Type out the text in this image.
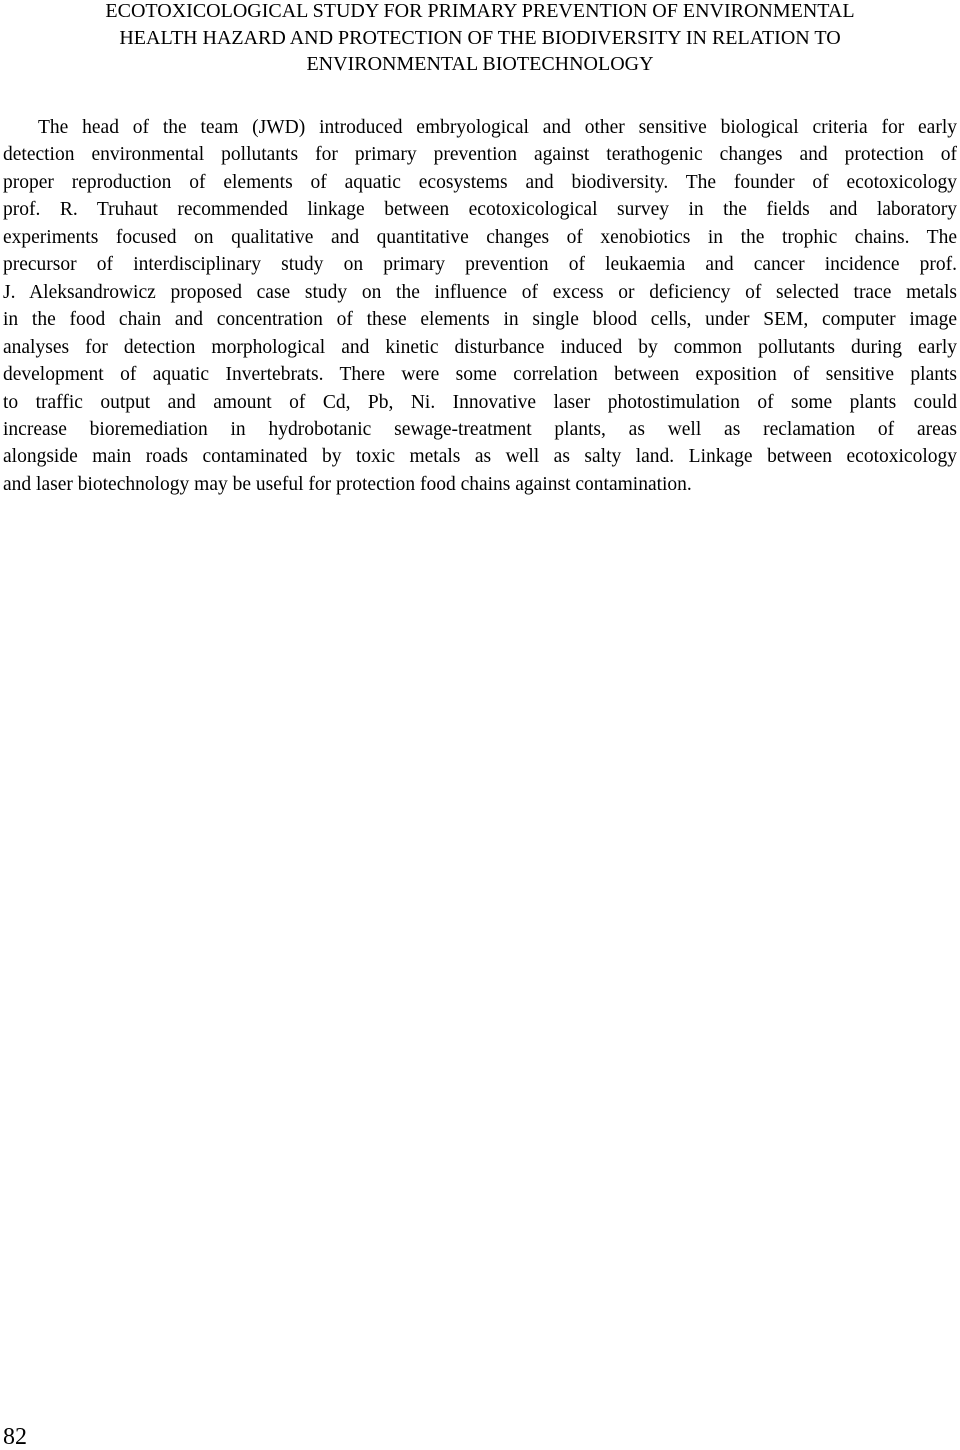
ECOTOXICOLOGICAL STUDY FOR PRIMARY PREVENTION OF ENVIRONMENTAL
HEALTH HAZARD AND PROTECTION OF THE BIODIVERSITY IN RELATION TO
ENVIRONMENTAL BIOTECHNOLOGY
The head of the team (JWD) introduced embryological and other sensitive biological criteria for early
detection environmental pollutants for primary prevention against terathogenic changes and protection of
proper reproduction of elements of aquatic ecosystems and biodiversity. The founder of ecotoxicology
prof. R. Truhaut recommended linkage between ecotoxicological survey in the fields and laboratory
experiments focused on qualitative and quantitative changes of xenobiotics in the trophic chains. The
precursor of interdisciplinary study on primary prevention of leukaemia and cancer incidence prof.
J. Aleksandrowicz proposed case study on the influence of excess or deficiency of selected trace metals
in the food chain and concentration of these elements in single blood cells, under SEM, computer image
analyses for detection morphological and kinetic disturbance induced by common pollutants during early
development of aquatic Invertebrats. There were some correlation between exposition of sensitive plants
to traffic output and amount of Cd, Pb, Ni. Innovative laser photostimulation of some plants could
increase bioremediation in hydrobotanic sewage-treatment plants, as well as reclamation of areas
alongside main roads contaminated by toxic metals as well as salty land. Linkage between ecotoxicology
and laser biotechnology may be useful for protection food chains against contamination.
82
